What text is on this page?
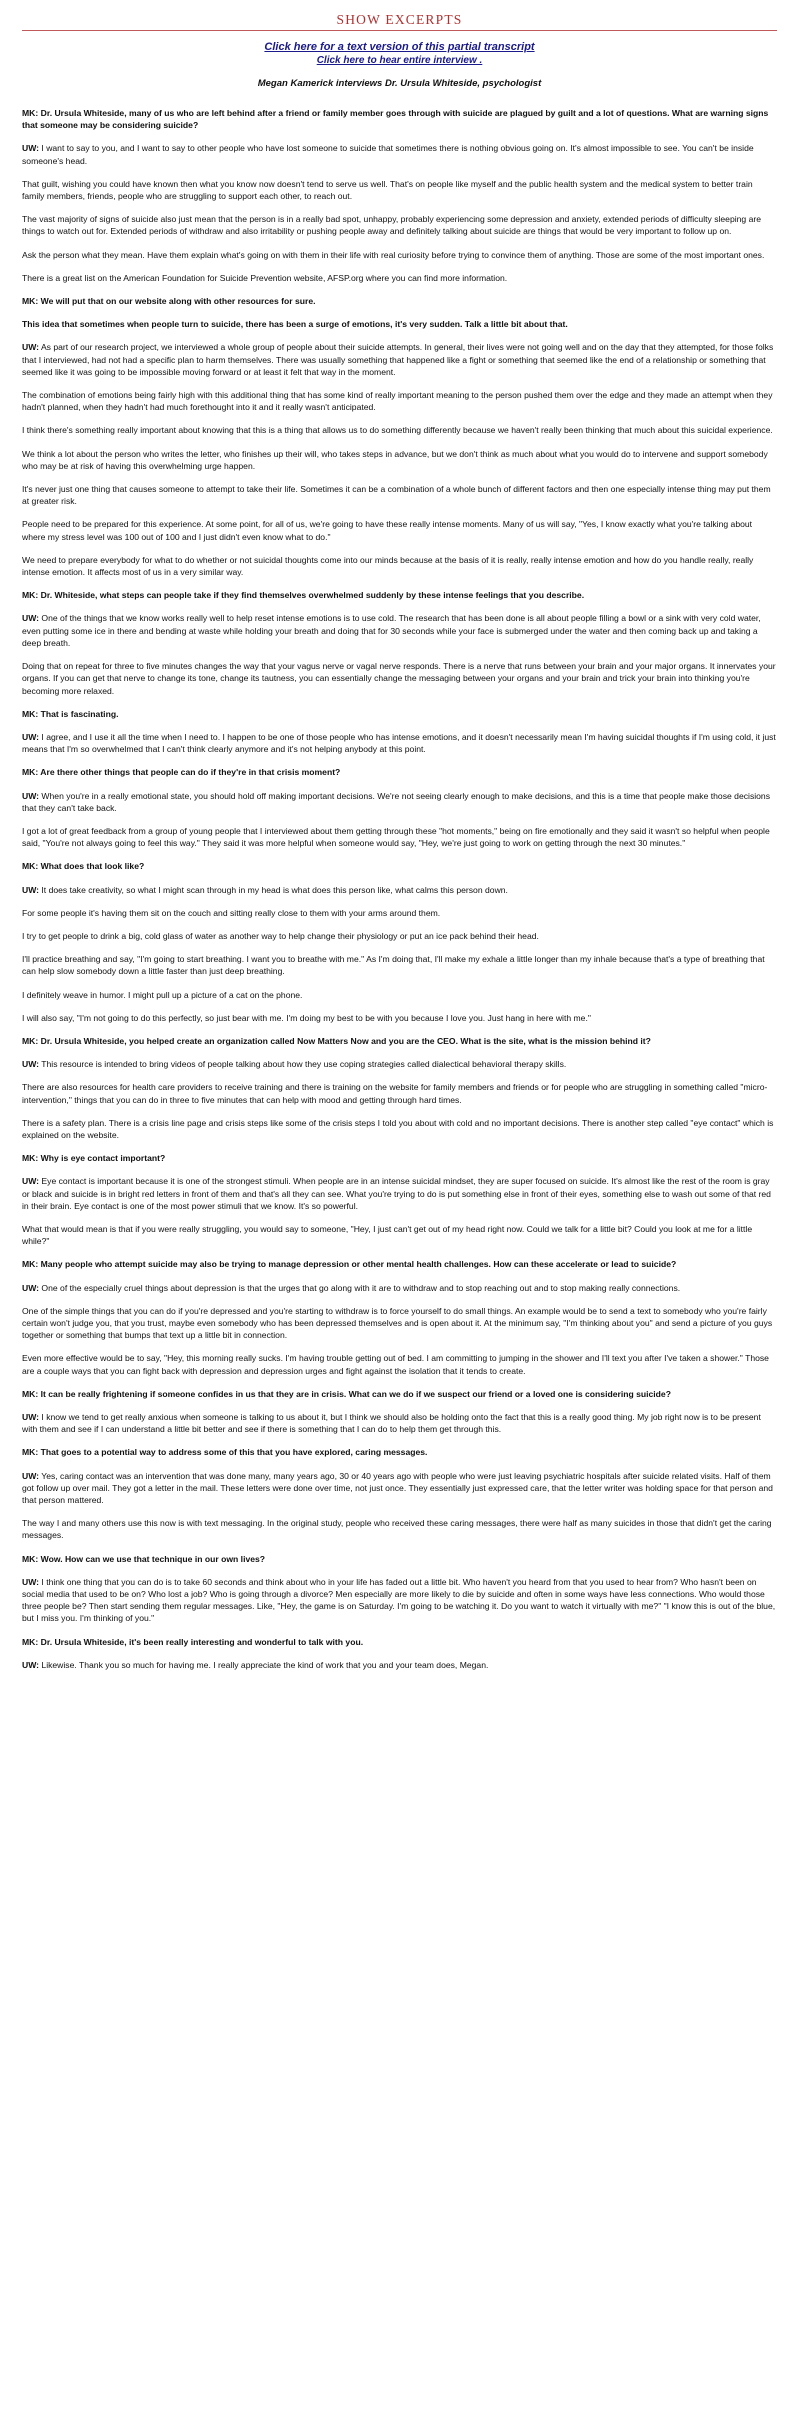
SHOW EXCERPTS
Click here for a text version of this partial transcript
Click here to hear entire interview .
Megan Kamerick interviews Dr. Ursula Whiteside, psychologist

MK: Dr. Ursula Whiteside, many of us who are left behind after a friend or family member goes through with suicide are plagued by guilt and a lot of questions. What are warning signs that someone may be considering suicide?

UW: I want to say to you, and I want to say to other people who have lost someone to suicide that sometimes there is nothing obvious going on. It's almost impossible to see. You can't be inside someone's head.

That guilt, wishing you could have known then what you know now doesn't tend to serve us well. That's on people like myself and the public health system and the medical system to better train family members, friends, people who are struggling to support each other, to reach out.

The vast majority of signs of suicide also just mean that the person is in a really bad spot, unhappy, probably experiencing some depression and anxiety, extended periods of difficulty sleeping are things to watch out for. Extended periods of withdraw and also irritability or pushing people away and definitely talking about suicide are things that would be very important to follow up on.

Ask the person what they mean. Have them explain what's going on with them in their life with real curiosity before trying to convince them of anything. Those are some of the most important ones.

There is a great list on the American Foundation for Suicide Prevention website, AFSP.org where you can find more information.

MK: We will put that on our website along with other resources for sure.

This idea that sometimes when people turn to suicide, there has been a surge of emotions, it's very sudden. Talk a little bit about that.

UW: As part of our research project, we interviewed a whole group of people about their suicide attempts. In general, their lives were not going well and on the day that they attempted, for those folks that I interviewed, had not had a specific plan to harm themselves. There was usually something that happened like a fight or something that seemed like the end of a relationship or something that seemed like it was going to be impossible moving forward or at least it felt that way in the moment.

The combination of emotions being fairly high with this additional thing that has some kind of really important meaning to the person pushed them over the edge and they made an attempt when they hadn't planned, when they hadn't had much forethought into it and it really wasn't anticipated.

I think there's something really important about knowing that this is a thing that allows us to do something differently because we haven't really been thinking that much about this suicidal experience.

We think a lot about the person who writes the letter, who finishes up their will, who takes steps in advance, but we don't think as much about what you would do to intervene and support somebody who may be at risk of having this overwhelming urge happen.

It's never just one thing that causes someone to attempt to take their life. Sometimes it can be a combination of a whole bunch of different factors and then one especially intense thing may put them at greater risk.

People need to be prepared for this experience. At some point, for all of us, we're going to have these really intense moments. Many of us will say, "Yes, I know exactly what you're talking about where my stress level was 100 out of 100 and I just didn't even know what to do."

We need to prepare everybody for what to do whether or not suicidal thoughts come into our minds because at the basis of it is really, really intense emotion and how do you handle really, really intense emotion. It affects most of us in a very similar way.

MK: Dr. Whiteside, what steps can people take if they find themselves overwhelmed suddenly by these intense feelings that you describe.

UW: One of the things that we know works really well to help reset intense emotions is to use cold. The research that has been done is all about people filling a bowl or a sink with very cold water, even putting some ice in there and bending at waste while holding your breath and doing that for 30 seconds while your face is submerged under the water and then coming back up and taking a deep breath.

Doing that on repeat for three to five minutes changes the way that your vagus nerve or vagal nerve responds. There is a nerve that runs between your brain and your major organs. It innervates your organs. If you can get that nerve to change its tone, change its tautness, you can essentially change the messaging between your organs and your brain and trick your brain into thinking you're becoming more relaxed.

MK: That is fascinating.

UW: I agree, and I use it all the time when I need to. I happen to be one of those people who has intense emotions, and it doesn't necessarily mean I'm having suicidal thoughts if I'm using cold, it just means that I'm so overwhelmed that I can't think clearly anymore and it's not helping anybody at this point.

MK: Are there other things that people can do if they're in that crisis moment?

UW: When you're in a really emotional state, you should hold off making important decisions. We're not seeing clearly enough to make decisions, and this is a time that people make those decisions that they can't take back.

I got a lot of great feedback from a group of young people that I interviewed about them getting through these "hot moments," being on fire emotionally and they said it wasn't so helpful when people said, "You're not always going to feel this way." They said it was more helpful when someone would say, "Hey, we're just going to work on getting through the next 30 minutes."

MK: What does that look like?

UW: It does take creativity, so what I might scan through in my head is what does this person like, what calms this person down.

For some people it's having them sit on the couch and sitting really close to them with your arms around them.

I try to get people to drink a big, cold glass of water as another way to help change their physiology or put an ice pack behind their head.

I'll practice breathing and say, "I'm going to start breathing. I want you to breathe with me." As I'm doing that, I'll make my exhale a little longer than my inhale because that's a type of breathing that can help slow somebody down a little faster than just deep breathing.

I definitely weave in humor. I might pull up a picture of a cat on the phone.

I will also say, "I'm not going to do this perfectly, so just bear with me. I'm doing my best to be with you because I love you. Just hang in here with me."

MK: Dr. Ursula Whiteside, you helped create an organization called Now Matters Now and you are the CEO. What is the site, what is the mission behind it?

UW: This resource is intended to bring videos of people talking about how they use coping strategies called dialectical behavioral therapy skills.

There are also resources for health care providers to receive training and there is training on the website for family members and friends or for people who are struggling in something called "micro-intervention," things that you can do in three to five minutes that can help with mood and getting through hard times.

There is a safety plan. There is a crisis line page and crisis steps like some of the crisis steps I told you about with cold and no important decisions. There is another step called "eye contact" which is explained on the website.

MK: Why is eye contact important?

UW: Eye contact is important because it is one of the strongest stimuli. When people are in an intense suicidal mindset, they are super focused on suicide. It's almost like the rest of the room is gray or black and suicide is in bright red letters in front of them and that's all they can see. What you're trying to do is put something else in front of their eyes, something else to wash out some of that red in their brain. Eye contact is one of the most power stimuli that we know. It's so powerful.

What that would mean is that if you were really struggling, you would say to someone, "Hey, I just can't get out of my head right now. Could we talk for a little bit? Could you look at me for a little while?"

MK: Many people who attempt suicide may also be trying to manage depression or other mental health challenges. How can these accelerate or lead to suicide?

UW: One of the especially cruel things about depression is that the urges that go along with it are to withdraw and to stop reaching out and to stop making really connections.

One of the simple things that you can do if you're depressed and you're starting to withdraw is to force yourself to do small things. An example would be to send a text to somebody who you're fairly certain won't judge you, that you trust, maybe even somebody who has been depressed themselves and is open about it. At the minimum say, "I'm thinking about you" and send a picture of you guys together or something that bumps that text up a little bit in connection.

Even more effective would be to say, "Hey, this morning really sucks. I'm having trouble getting out of bed. I am committing to jumping in the shower and I'll text you after I've taken a shower." Those are a couple ways that you can fight back with depression and depression urges and fight against the isolation that it tends to create.

MK: It can be really frightening if someone confides in us that they are in crisis. What can we do if we suspect our friend or a loved one is considering suicide?

UW: I know we tend to get really anxious when someone is talking to us about it, but I think we should also be holding onto the fact that this is a really good thing. My job right now is to be present with them and see if I can understand a little bit better and see if there is something that I can do to help them get through this.

MK: That goes to a potential way to address some of this that you have explored, caring messages.

UW: Yes, caring contact was an intervention that was done many, many years ago, 30 or 40 years ago with people who were just leaving psychiatric hospitals after suicide related visits. Half of them got follow up over mail. They got a letter in the mail. These letters were done over time, not just once. They essentially just expressed care, that the letter writer was holding space for that person and that person mattered.

The way I and many others use this now is with text messaging. In the original study, people who received these caring messages, there were half as many suicides in those that didn't get the caring messages.

MK: Wow. How can we use that technique in our own lives?

UW: I think one thing that you can do is to take 60 seconds and think about who in your life has faded out a little bit. Who haven't you heard from that you used to hear from? Who hasn't been on social media that used to be on? Who lost a job? Who is going through a divorce? Men especially are more likely to die by suicide and often in some ways have less connections. Who would those three people be? Then start sending them regular messages. Like, "Hey, the game is on Saturday. I'm going to be watching it. Do you want to watch it virtually with me?" "I know this is out of the blue, but I miss you. I'm thinking of you."

MK: Dr. Ursula Whiteside, it's been really interesting and wonderful to talk with you.

UW: Likewise. Thank you so much for having me. I really appreciate the kind of work that you and your team does, Megan.
